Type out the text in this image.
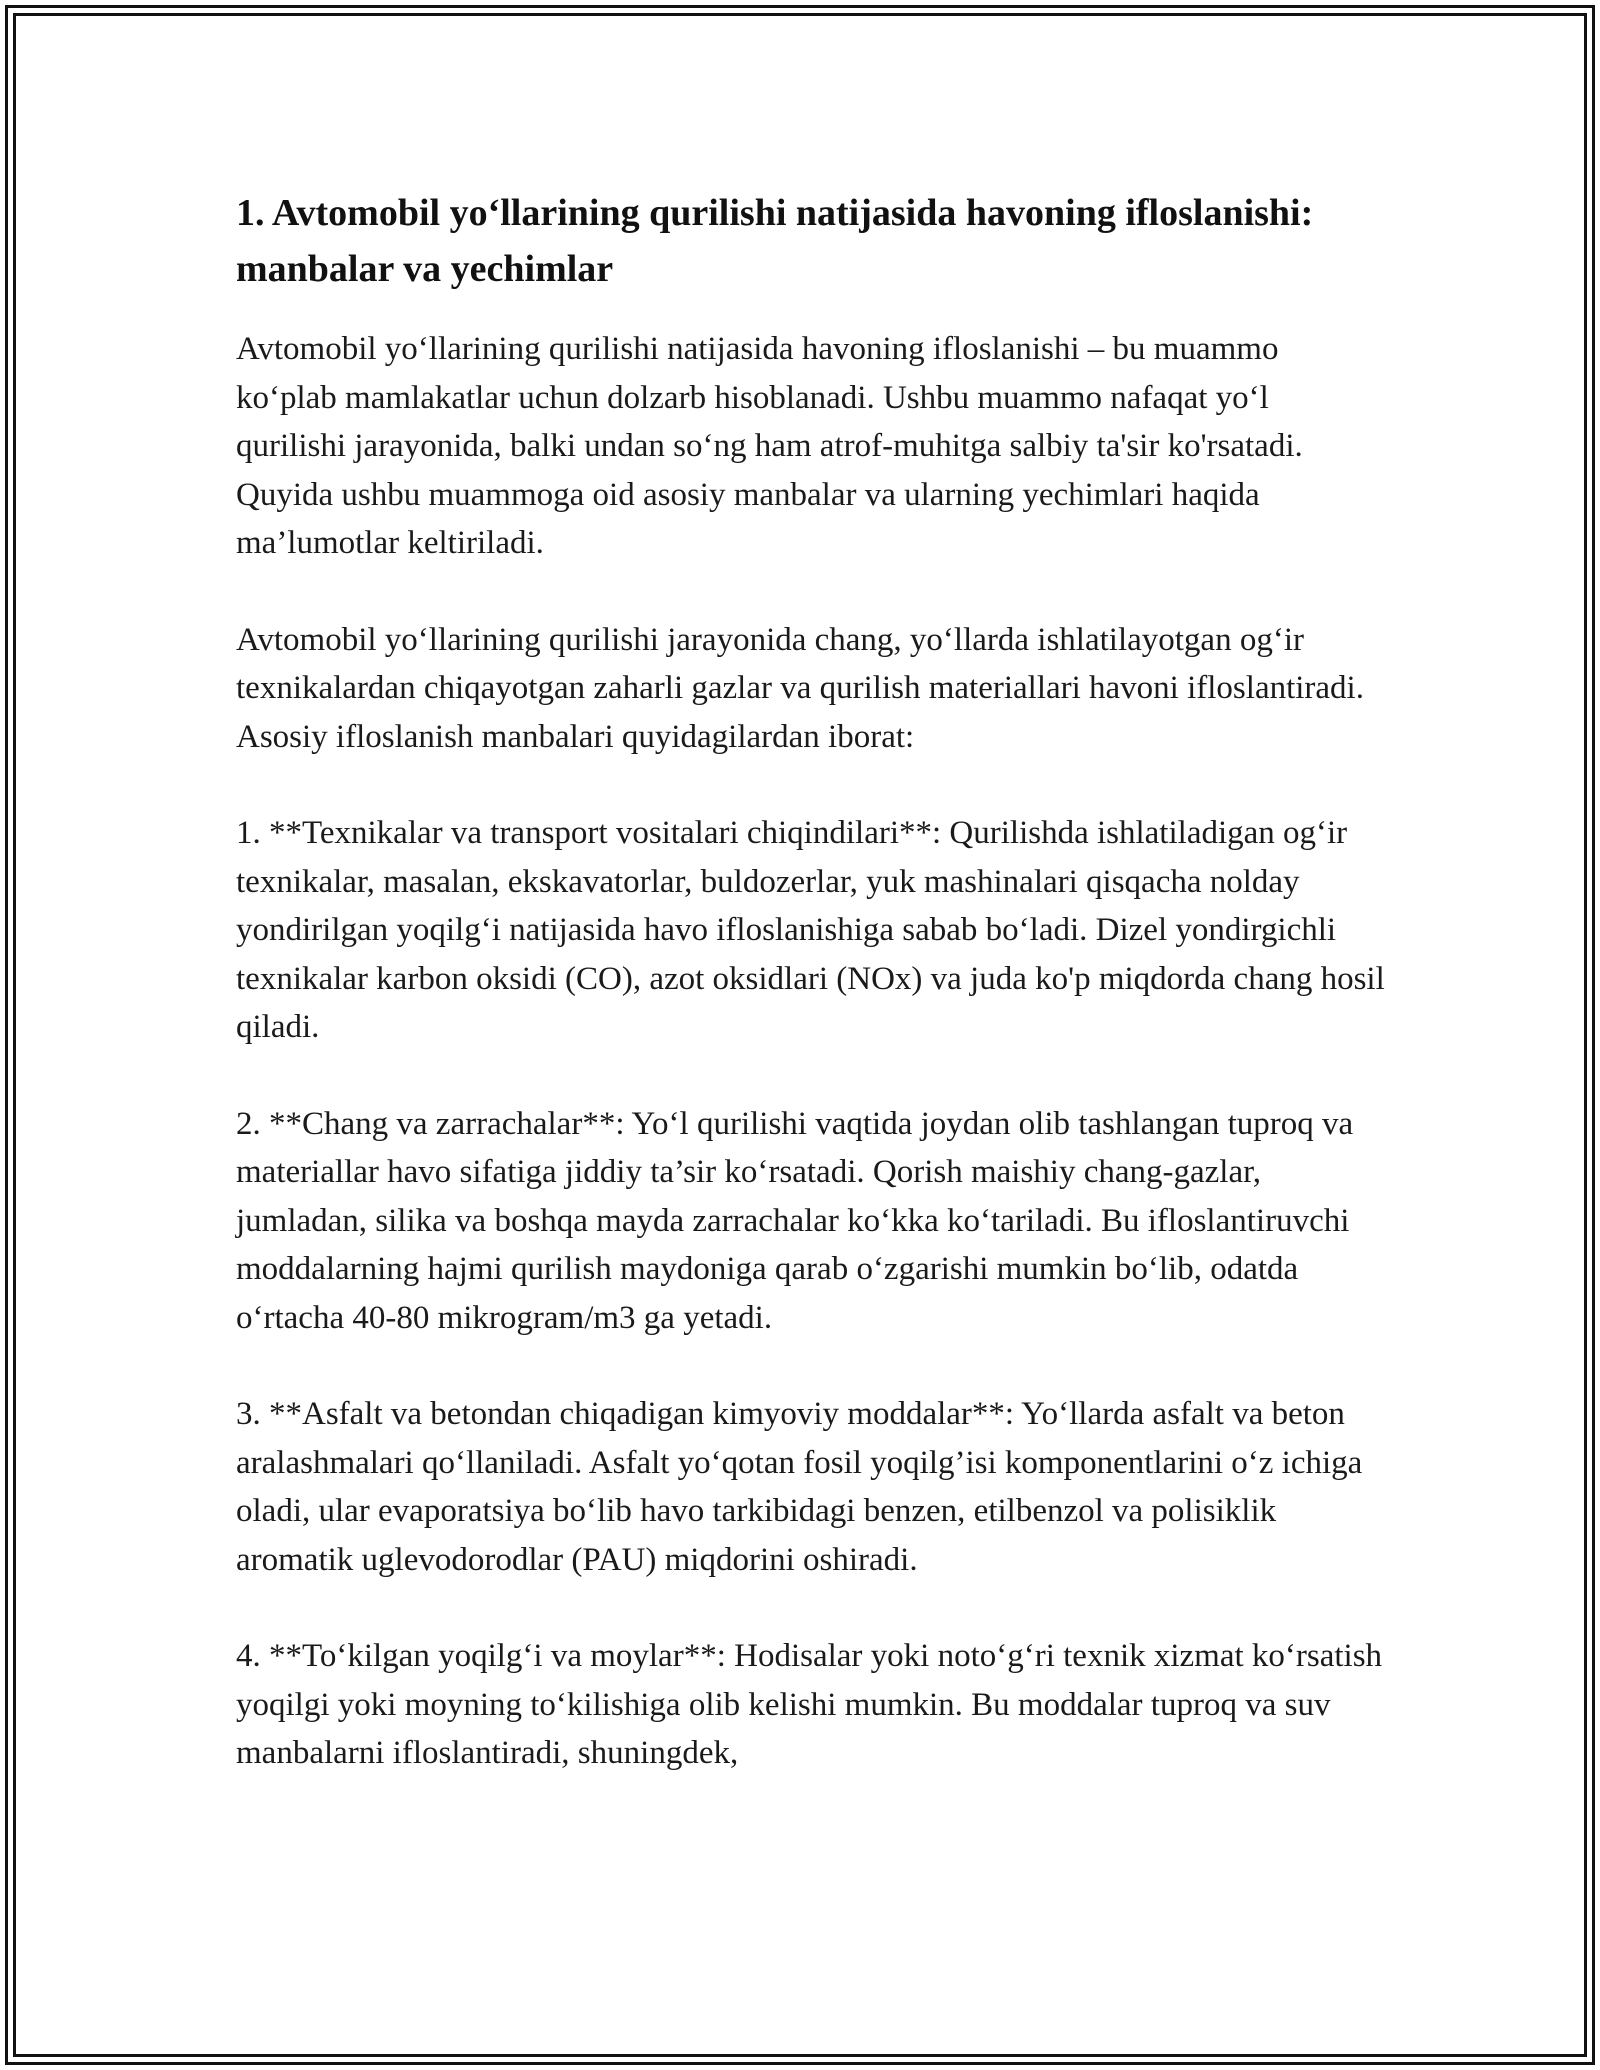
1. Avtomobil yo‘llarining qurilishi natijasida havoning ifloslanishi: manbalar va yechimlar

Avtomobil yo‘llarining qurilishi natijasida havoning ifloslanishi – bu muammo ko‘plab mamlakatlar uchun dolzarb hisoblanadi. Ushbu muammo nafaqat yo‘l qurilishi jarayonida, balki undan so‘ng ham atrof-muhitga salbiy ta'sir ko'rsatadi. Quyida ushbu muammoga oid asosiy manbalar va ularning yechimlari haqida ma’lumotlar keltiriladi.

Avtomobil yo‘llarining qurilishi jarayonida chang, yo‘llarda ishlatilayotgan og‘ir texnikalardan chiqayotgan zaharli gazlar va qurilish materiallari havoni ifloslantiradi. Asosiy ifloslanish manbalari quyidagilardan iborat:

1. **Texnikalar va transport vositalari chiqindilari**: Qurilishda ishlatiladigan og‘ir texnikalar, masalan, ekskavatorlar, buldozerlar, yuk mashinalari qisqacha nolday yondirilgan yoqilg‘i natijasida havo ifloslanishiga sabab bo‘ladi. Dizel yondirgichli texnikalar karbon oksidi (CO), azot oksidlari (NOx) va juda ko'p miqdorda chang hosil qiladi.

2. **Chang va zarrachalar**: Yo‘l qurilishi vaqtida joydan olib tashlangan tuproq va materiallar havo sifatiga jiddiy ta’sir ko‘rsatadi. Qorish maishiy chang-gazlar, jumladan, silika va boshqa mayda zarrachalar ko‘kka ko‘tariladi. Bu ifloslantiruvchi moddalarning hajmi qurilish maydoniga qarab o‘zgarishi mumkin bo‘lib, odatda o‘rtacha 40-80 mikrogram/m3 ga yetadi.

3. **Asfalt va betondan chiqadigan kimyoviy moddalar**: Yo‘llarda asfalt va beton aralashmalari qo‘llaniladi. Asfalt yo‘qotan fosil yoqilg’isi komponentlarini o‘z ichiga oladi, ular evaporatsiya bo‘lib havo tarkibidagi benzen, etilbenzol va polisiklik aromatik uglevodorodlar (PAU) miqdorini oshiradi.

4. **To‘kilgan yoqilg‘i va moylar**: Hodisalar yoki noto‘g‘ri texnik xizmat ko‘rsatish yoqilgi yoki moyning to‘kilishiga olib kelishi mumkin. Bu moddalar tuproq va suv manbalarni ifloslantiradi, shuningdek,
